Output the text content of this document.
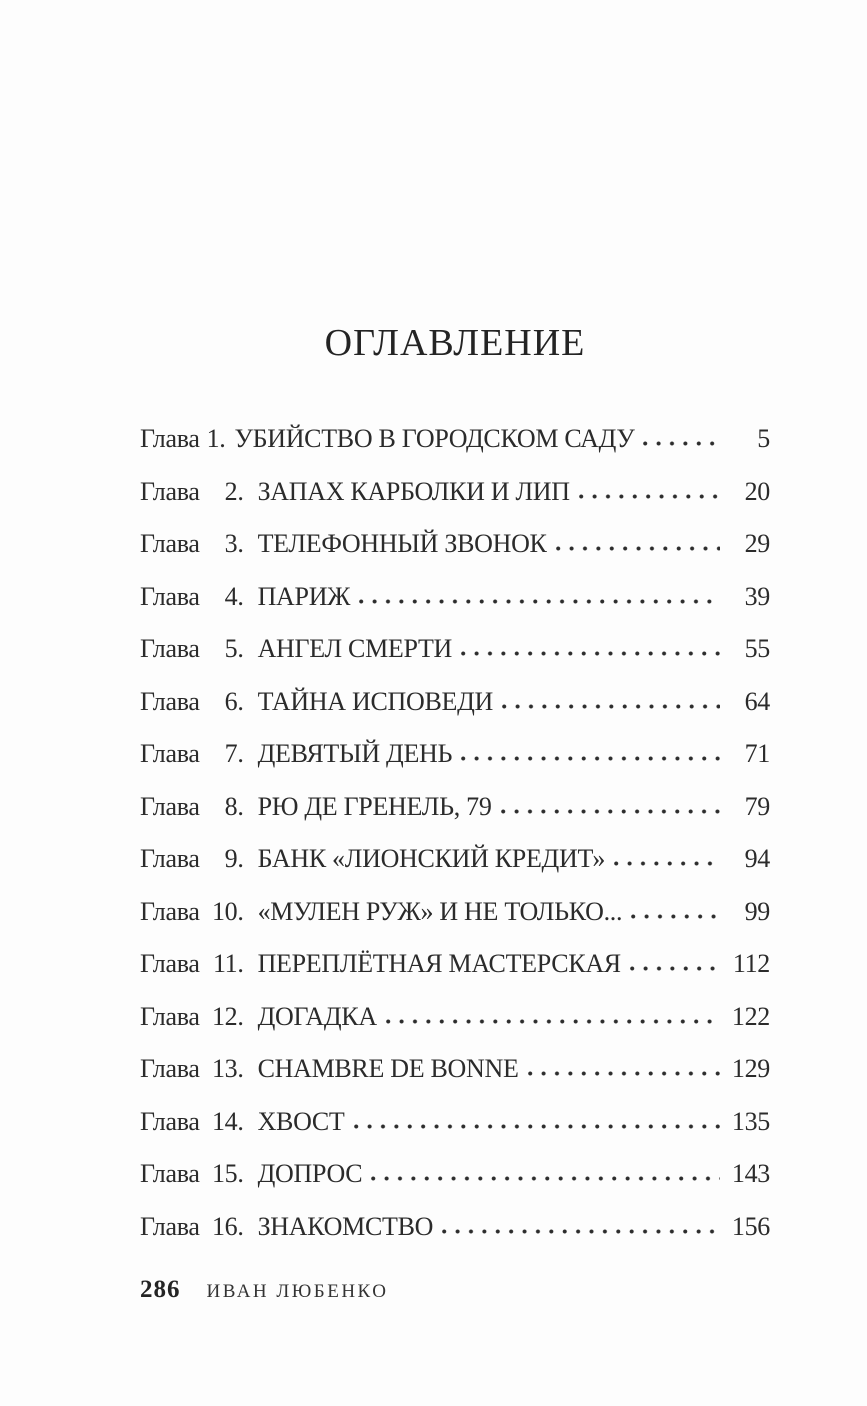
ОГЛАВЛЕНИЕ
Глава 1. УБИЙСТВО В ГОРОДСКОМ САДУ	5
Глава 2. ЗАПАХ КАРБОЛКИ И ЛИП	20
Глава 3. ТЕЛЕФОННЫЙ ЗВОНОК	29
Глава 4. ПАРИЖ	39
Глава 5. АНГЕЛ СМЕРТИ	55
Глава 6. ТАЙНА ИСПОВЕДИ	64
Глава 7. ДЕВЯТЫЙ ДЕНЬ	71
Глава 8. РЮ ДЕ ГРЕНЕЛЬ, 79	79
Глава 9. БАНК «ЛИОНСКИЙ КРЕДИТ»	94
Глава 10. «МУЛЕН РУЖ» И НЕ ТОЛЬКО...	99
Глава 11. ПЕРЕПЛЁТНАЯ МАСТЕРСКАЯ	112
Глава 12. ДОГАДКА	122
Глава 13. CHAMBRE DE BONNE	129
Глава 14. ХВОСТ	135
Глава 15. ДОПРОС	143
Глава 16. ЗНАКОМСТВО	156
286 ИВАН ЛЮБЕНКО
